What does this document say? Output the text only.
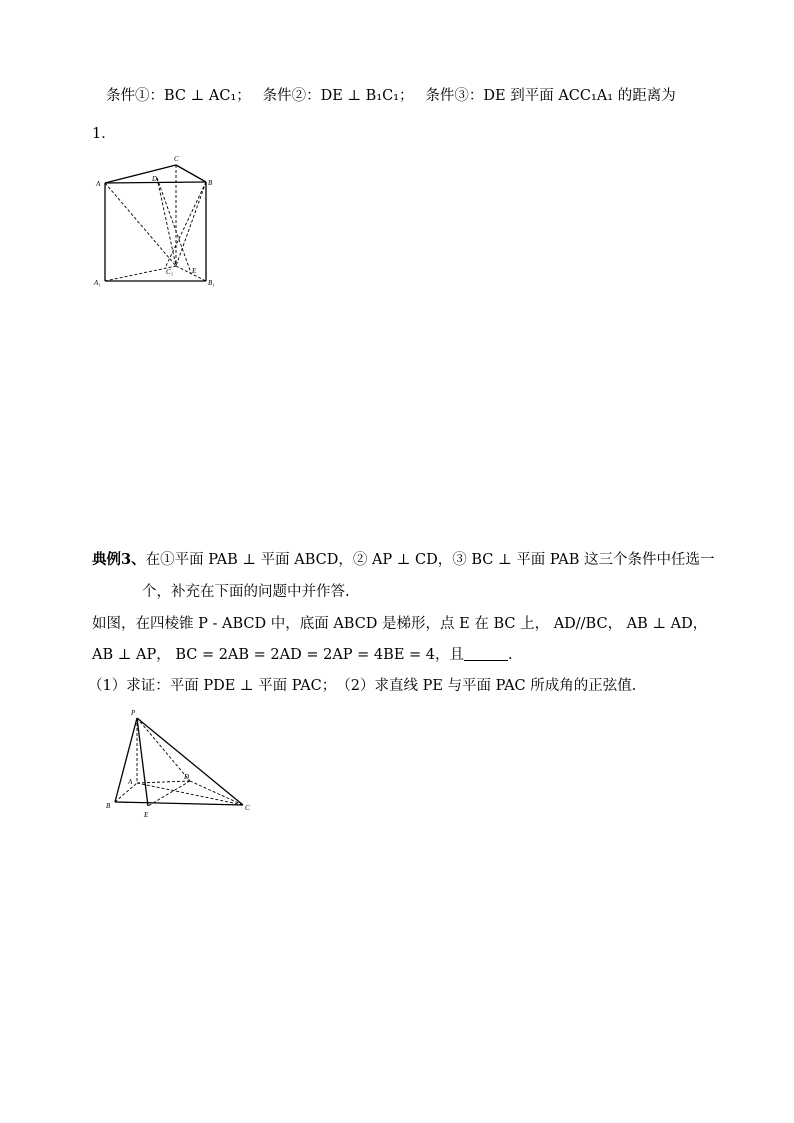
条件①：BC ⊥ AC₁；　 条件②：DE ⊥ B₁C₁；　 条件③：DE 到平面 ACC₁A₁ 的距离为
1．
A
C
B
D
C₁	E
A₁	B₁
典例3、在①平面 PAB ⊥ 平面 ABCD，② AP ⊥ CD，③ BC ⊥ 平面 PAB 这三个条件中任选一
个，补充在下面的问题中并作答.
如图，在四棱锥 P - ABCD 中，底面 ABCD 是梯形，点 E 在 BC 上， AD//BC， AB ⊥ AD，
AB ⊥ AP， BC = 2AB = 2AD = 2AP = 4BE = 4，且	.
（1）求证：平面 PDE ⊥ 平面 PAC；　（2）求直线 PE 与平面 PAC 所成角的正弦值.
P
A
D
B
E
C
